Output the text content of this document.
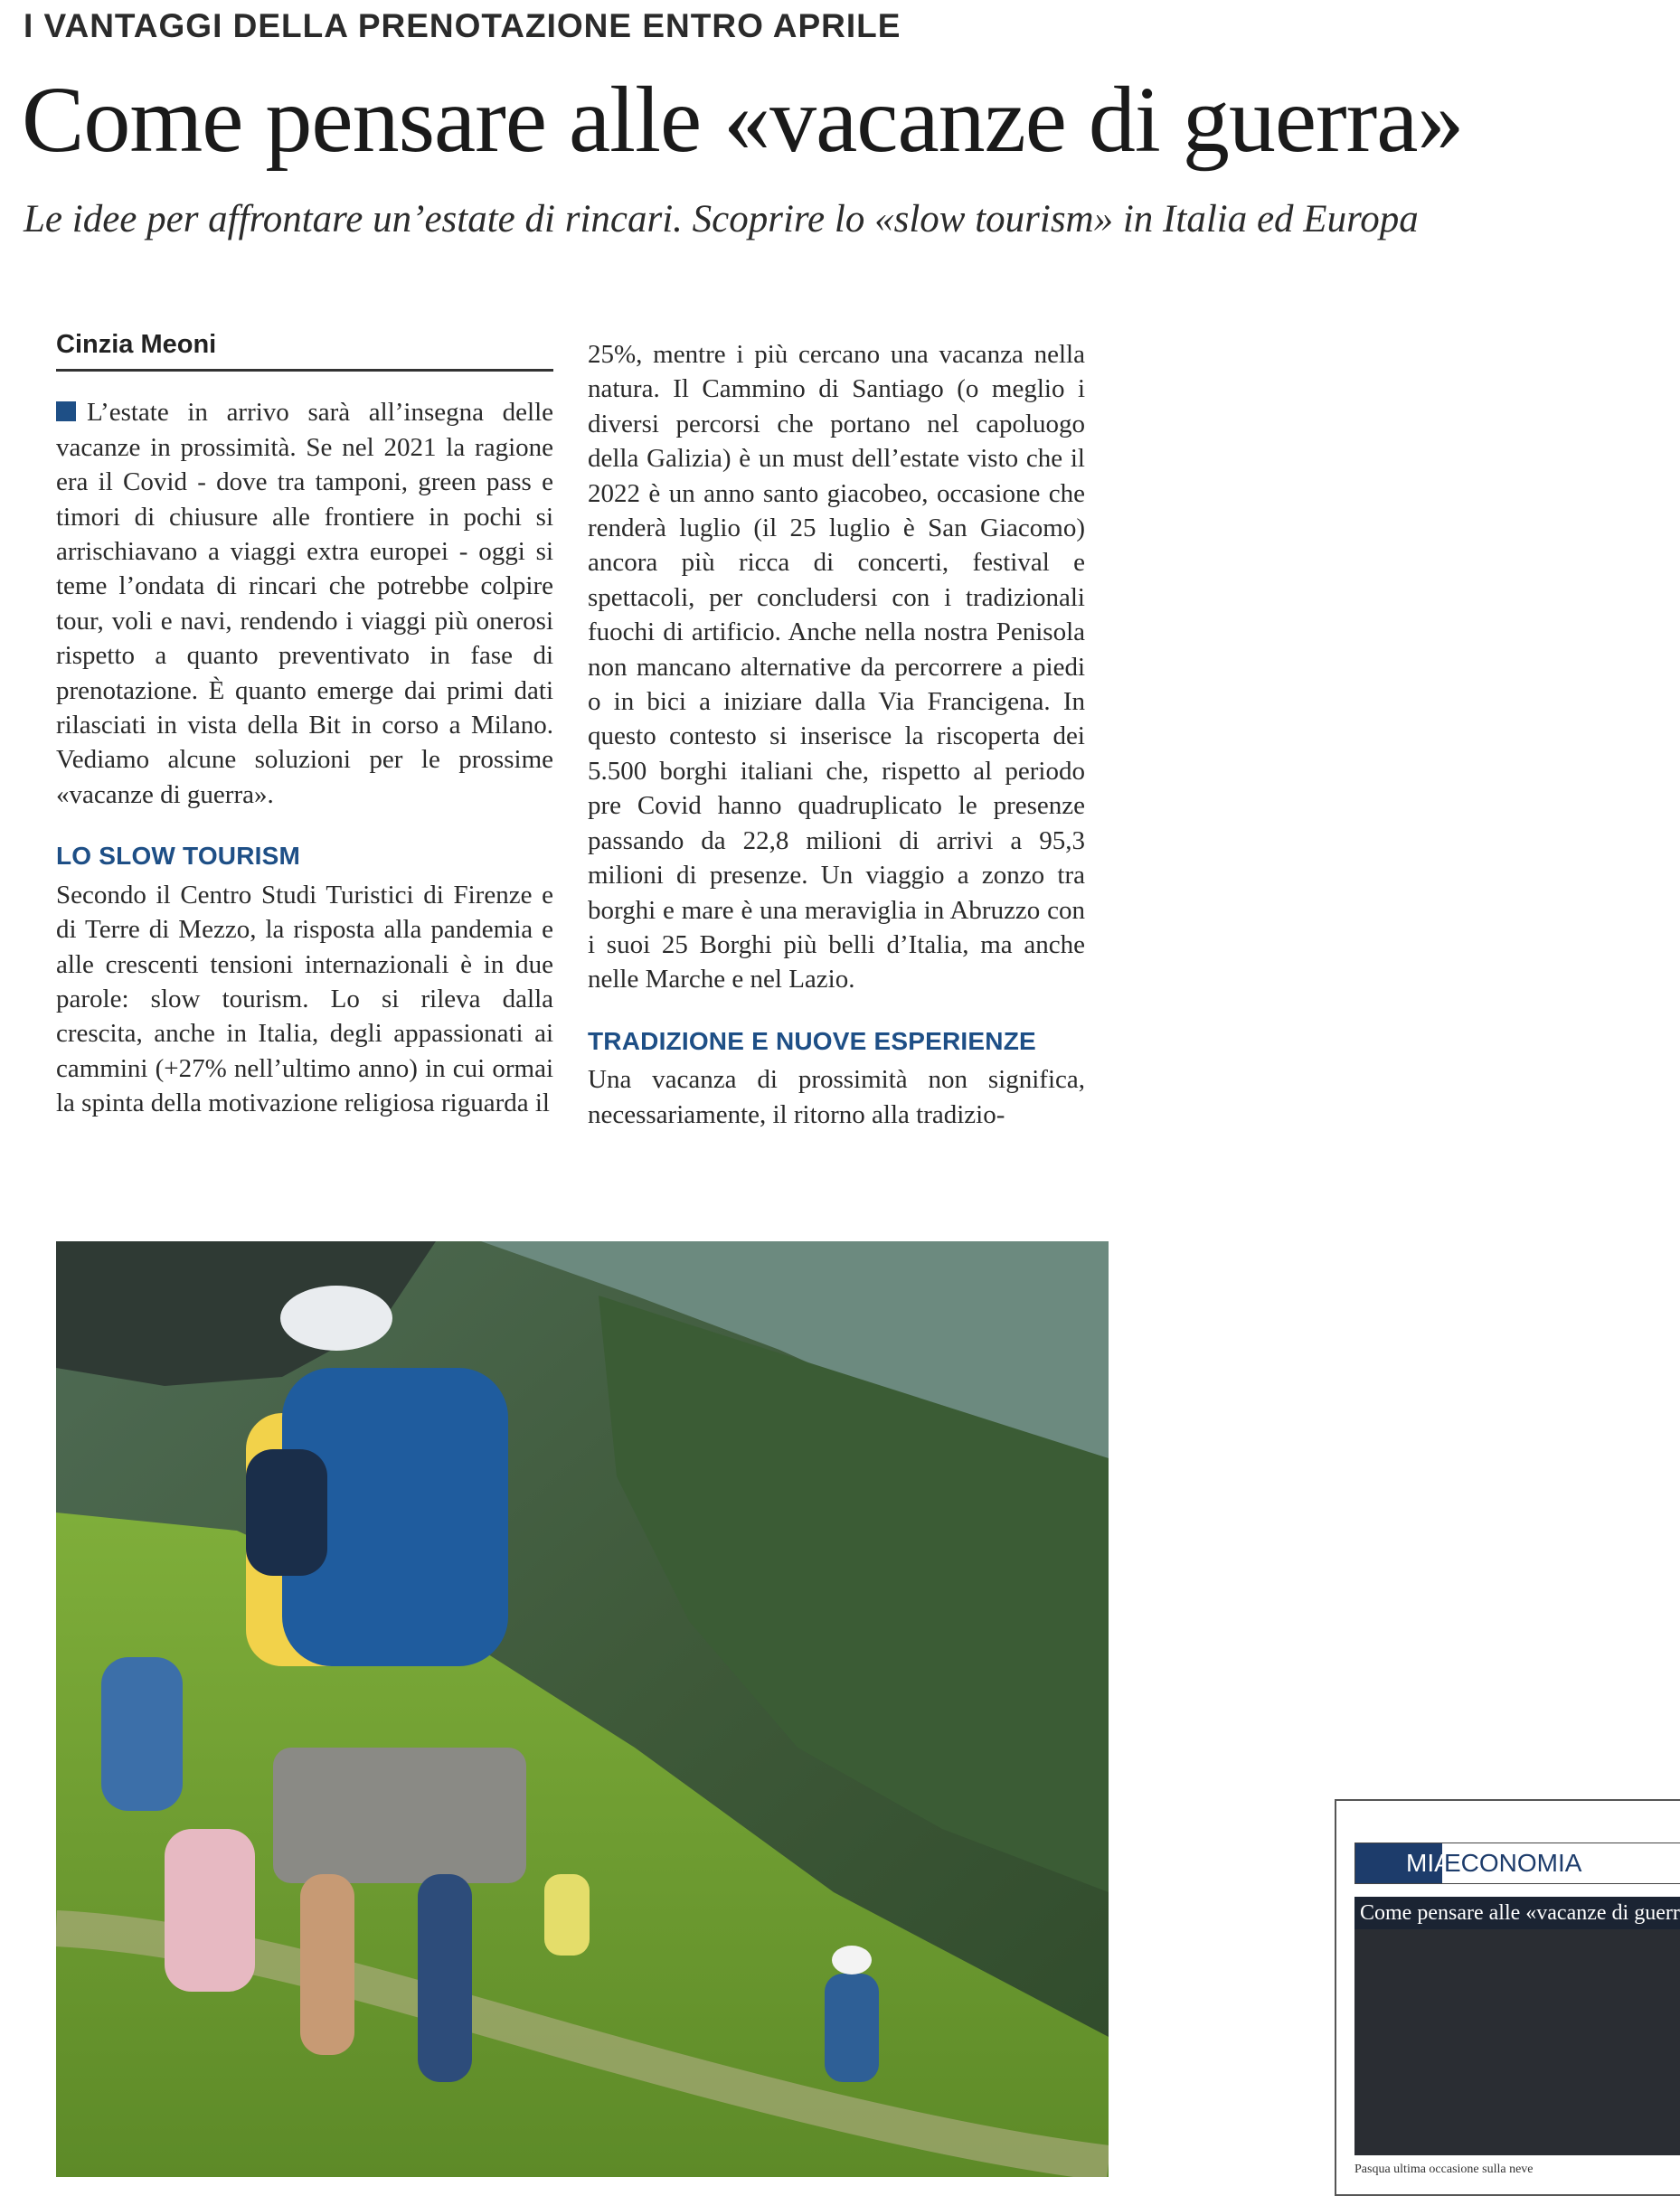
I VANTAGGI DELLA PRENOTAZIONE ENTRO APRILE
Come pensare alle «vacanze di guerra»
Le idee per affrontare un’estate di rincari. Scoprire lo «slow tourism» in Italia ed Europa
Cinzia Meoni

L’estate in arrivo sarà all’insegna delle vacanze in prossimità. Se nel 2021 la ragione era il Covid - dove tra tamponi, green pass e timori di chiusure alle frontiere in pochi si arrischiavano a viaggi extra europei - oggi si teme l’ondata di rincari che potrebbe colpire tour, voli e navi, rendendo i viaggi più onerosi rispetto a quanto preventivato in fase di prenotazione. È quanto emerge dai primi dati rilasciati in vista della Bit in corso a Milano. Vediamo alcune soluzioni per le prossime «vacanze di guerra».

LO SLOW TOURISM

Secondo il Centro Studi Turistici di Firenze e di Terre di Mezzo, la risposta alla pandemia e alle crescenti tensioni internazionali è in due parole: slow tourism. Lo si rileva dalla crescita, anche in Italia, degli appassionati ai cammini (+27% nell’ultimo anno) in cui ormai la spinta della motivazione religiosa riguarda il

25%, mentre i più cercano una vacanza nella natura. Il Cammino di Santiago (o meglio i diversi percorsi che portano nel capoluogo della Galizia) è un must dell’estate visto che il 2022 è un anno santo giacobeo, occasione che renderà luglio (il 25 luglio è San Giacomo) ancora più ricca di concerti, festival e spettacoli, per concludersi con i tradizionali fuochi di artificio. Anche nella nostra Penisola non mancano alternative da percorrere a piedi o in bici a iniziare dalla Via Francigena. In questo contesto si inserisce la riscoperta dei 5.500 borghi italiani che, rispetto al periodo pre Covid hanno quadruplicato le presenze passando da 22,8 milioni di arrivi a 95,3 milioni di presenze. Un viaggio a zonzo tra borghi e mare è una meraviglia in Abruzzo con i suoi 25 Borghi più belli d’Italia, ma anche nelle Marche e nel Lazio.

TRADIZIONE E NUOVE ESPERIENZE

Una vacanza di prossimità non significa, necessariamente, il ritorno alla tradizio-

MIA
ECONOMIA
Come pensare alle «vacanze di guerr
Pasqua ultima occasione sulla neve
